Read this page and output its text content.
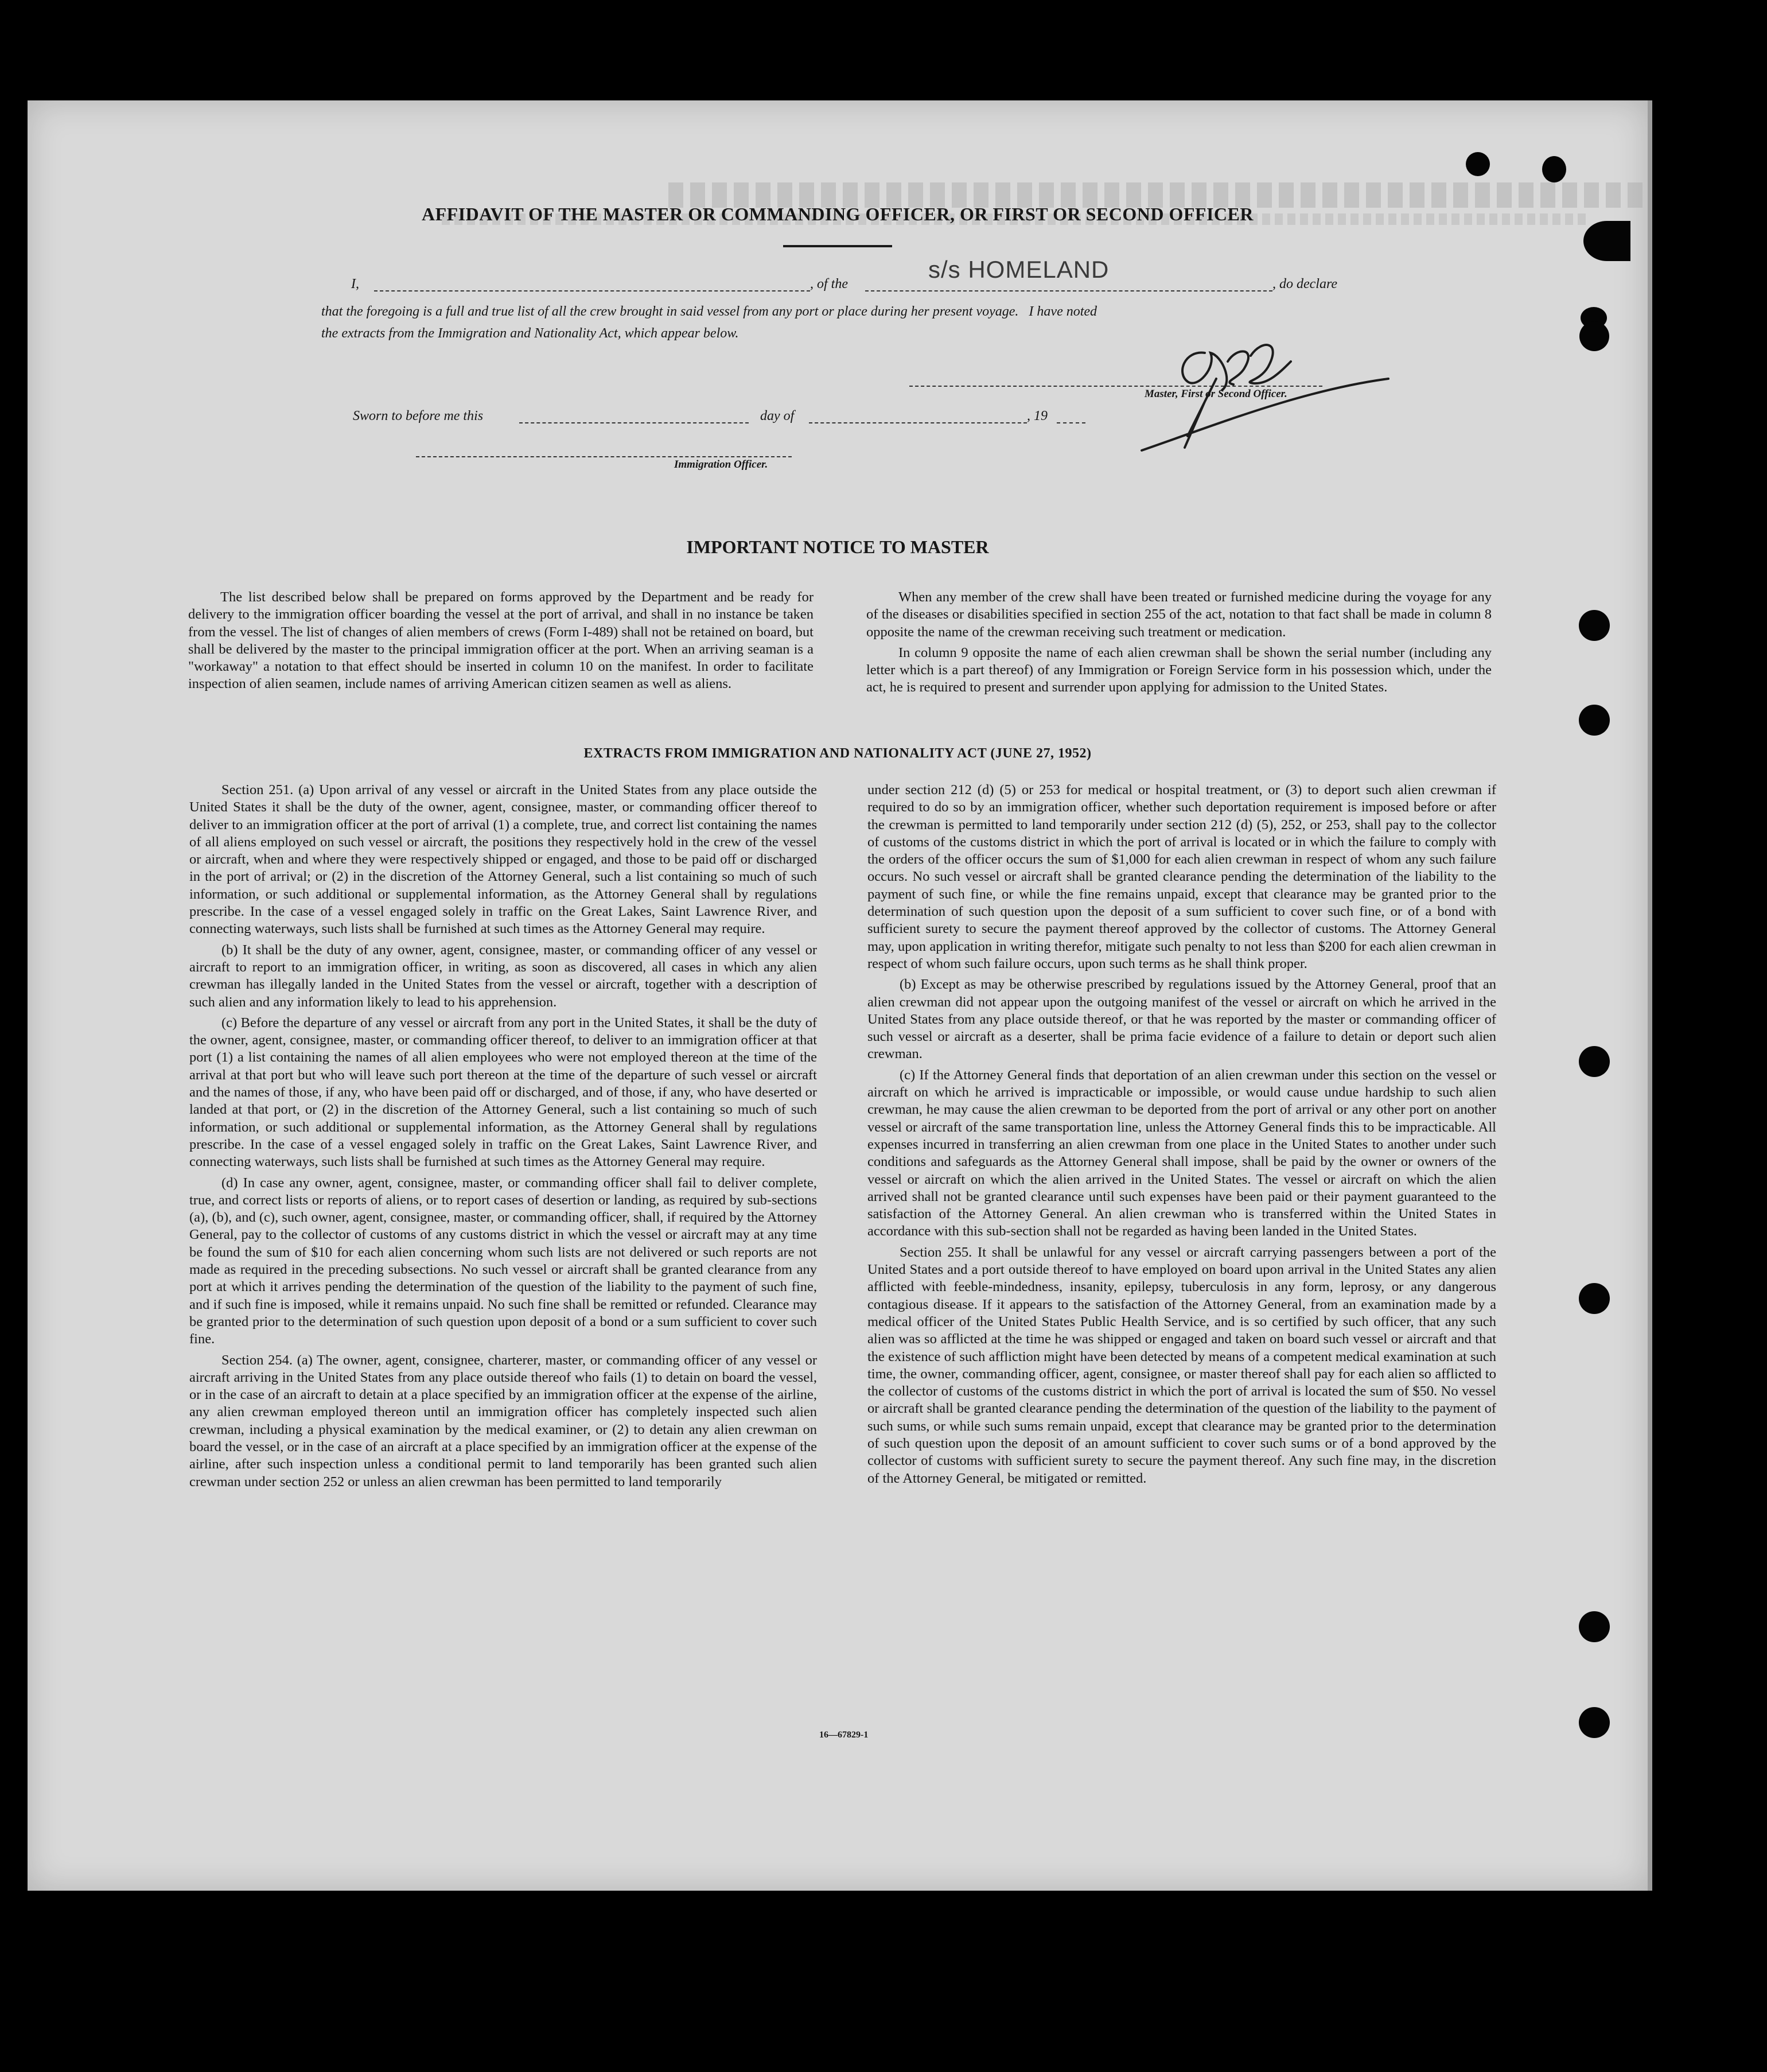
AFFIDAVIT OF THE MASTER OR COMMANDING OFFICER, OR FIRST OR SECOND OFFICER
I,	, of the
s/s HOMELAND
, do declare
that the foregoing is a full and true list of all the crew brought in said vessel from any port or place during her present voyage.   I have noted
the extracts from the Immigration and Nationality Act, which appear below.
Master, First or Second Officer.
Sworn to before me this	day of	, 19
Immigration Officer.
IMPORTANT NOTICE TO MASTER

The list described below shall be prepared on forms approved by the Department and be ready for delivery to the immigration officer boarding the vessel at the port of arrival, and shall in no instance be taken from the vessel. The list of changes of alien members of crews (Form I-489) shall not be retained on board, but shall be delivered by the master to the principal immigration officer at the port. When an arriving seaman is a "workaway" a notation to that effect should be inserted in column 10 on the manifest. In order to facilitate inspection of alien seamen, include names of arriving American citizen seamen as well as aliens.

When any member of the crew shall have been treated or furnished medicine during the voyage for any of the diseases or disabilities specified in section 255 of the act, notation to that fact shall be made in column 8 opposite the name of the crewman receiving such treatment or medication.

In column 9 opposite the name of each alien crewman shall be shown the serial number (including any letter which is a part thereof) of any Immigration or Foreign Service form in his possession which, under the act, he is required to present and surrender upon applying for admission to the United States.

EXTRACTS FROM IMMIGRATION AND NATIONALITY ACT (JUNE 27, 1952)

Section 251. (a) Upon arrival of any vessel or aircraft in the United States from any place outside the United States it shall be the duty of the owner, agent, consignee, master, or commanding officer thereof to deliver to an immigration officer at the port of arrival (1) a complete, true, and correct list containing the names of all aliens employed on such vessel or aircraft, the positions they respectively hold in the crew of the vessel or aircraft, when and where they were respectively shipped or engaged, and those to be paid off or discharged in the port of arrival; or (2) in the discretion of the Attorney General, such a list containing so much of such information, or such additional or supplemental information, as the Attorney General shall by regulations prescribe. In the case of a vessel engaged solely in traffic on the Great Lakes, Saint Lawrence River, and connecting waterways, such lists shall be furnished at such times as the Attorney General may require.

(b) It shall be the duty of any owner, agent, consignee, master, or commanding officer of any vessel or aircraft to report to an immigration officer, in writing, as soon as discovered, all cases in which any alien crewman has illegally landed in the United States from the vessel or aircraft, together with a description of such alien and any information likely to lead to his apprehension.

(c) Before the departure of any vessel or aircraft from any port in the United States, it shall be the duty of the owner, agent, consignee, master, or commanding officer thereof, to deliver to an immigration officer at that port (1) a list containing the names of all alien employees who were not employed thereon at the time of the arrival at that port but who will leave such port thereon at the time of the departure of such vessel or aircraft and the names of those, if any, who have been paid off or discharged, and of those, if any, who have deserted or landed at that port, or (2) in the discretion of the Attorney General, such a list containing so much of such information, or such additional or supplemental information, as the Attorney General shall by regulations prescribe. In the case of a vessel engaged solely in traffic on the Great Lakes, Saint Lawrence River, and connecting waterways, such lists shall be furnished at such times as the Attorney General may require.

(d) In case any owner, agent, consignee, master, or commanding officer shall fail to deliver complete, true, and correct lists or reports of aliens, or to report cases of desertion or landing, as required by sub-sections (a), (b), and (c), such owner, agent, consignee, master, or commanding officer, shall, if required by the Attorney General, pay to the collector of customs of any customs district in which the vessel or aircraft may at any time be found the sum of $10 for each alien concerning whom such lists are not delivered or such reports are not made as required in the preceding subsections. No such vessel or aircraft shall be granted clearance from any port at which it arrives pending the determination of the question of the liability to the payment of such fine, and if such fine is imposed, while it remains unpaid. No such fine shall be remitted or refunded. Clearance may be granted prior to the determination of such question upon deposit of a bond or a sum sufficient to cover such fine.

Section 254. (a) The owner, agent, consignee, charterer, master, or commanding officer of any vessel or aircraft arriving in the United States from any place outside thereof who fails (1) to detain on board the vessel, or in the case of an aircraft to detain at a place specified by an immigration officer at the expense of the airline, any alien crewman employed thereon until an immigration officer has completely inspected such alien crewman, including a physical examination by the medical examiner, or (2) to detain any alien crewman on board the vessel, or in the case of an aircraft at a place specified by an immigration officer at the expense of the airline, after such inspection unless a conditional permit to land temporarily has been granted such alien crewman under section 252 or unless an alien crewman has been permitted to land temporarily

under section 212 (d) (5) or 253 for medical or hospital treatment, or (3) to deport such alien crewman if required to do so by an immigration officer, whether such deportation requirement is imposed before or after the crewman is permitted to land temporarily under section 212 (d) (5), 252, or 253, shall pay to the collector of customs of the customs district in which the port of arrival is located or in which the failure to comply with the orders of the officer occurs the sum of $1,000 for each alien crewman in respect of whom any such failure occurs. No such vessel or aircraft shall be granted clearance pending the determination of the liability to the payment of such fine, or while the fine remains unpaid, except that clearance may be granted prior to the determination of such question upon the deposit of a sum sufficient to cover such fine, or of a bond with sufficient surety to secure the payment thereof approved by the collector of customs. The Attorney General may, upon application in writing therefor, mitigate such penalty to not less than $200 for each alien crewman in respect of whom such failure occurs, upon such terms as he shall think proper.

(b) Except as may be otherwise prescribed by regulations issued by the Attorney General, proof that an alien crewman did not appear upon the outgoing manifest of the vessel or aircraft on which he arrived in the United States from any place outside thereof, or that he was reported by the master or commanding officer of such vessel or aircraft as a deserter, shall be prima facie evidence of a failure to detain or deport such alien crewman.

(c) If the Attorney General finds that deportation of an alien crewman under this section on the vessel or aircraft on which he arrived is impracticable or impossible, or would cause undue hardship to such alien crewman, he may cause the alien crewman to be deported from the port of arrival or any other port on another vessel or aircraft of the same transportation line, unless the Attorney General finds this to be impracticable. All expenses incurred in transferring an alien crewman from one place in the United States to another under such conditions and safeguards as the Attorney General shall impose, shall be paid by the owner or owners of the vessel or aircraft on which the alien arrived in the United States. The vessel or aircraft on which the alien arrived shall not be granted clearance until such expenses have been paid or their payment guaranteed to the satisfaction of the Attorney General. An alien crewman who is transferred within the United States in accordance with this sub-section shall not be regarded as having been landed in the United States.

Section 255. It shall be unlawful for any vessel or aircraft carrying passengers between a port of the United States and a port outside thereof to have employed on board upon arrival in the United States any alien afflicted with feeble-mindedness, insanity, epilepsy, tuberculosis in any form, leprosy, or any dangerous contagious disease. If it appears to the satisfaction of the Attorney General, from an examination made by a medical officer of the United States Public Health Service, and is so certified by such officer, that any such alien was so afflicted at the time he was shipped or engaged and taken on board such vessel or aircraft and that the existence of such affliction might have been detected by means of a competent medical examination at such time, the owner, commanding officer, agent, consignee, or master thereof shall pay for each alien so afflicted to the collector of customs of the customs district in which the port of arrival is located the sum of $50. No vessel or aircraft shall be granted clearance pending the determination of the question of the liability to the payment of such sums, or while such sums remain unpaid, except that clearance may be granted prior to the determination of such question upon the deposit of an amount sufficient to cover such sums or of a bond approved by the collector of customs with sufficient surety to secure the payment thereof. Any such fine may, in the discretion of the Attorney General, be mitigated or remitted.

16—67829-1
